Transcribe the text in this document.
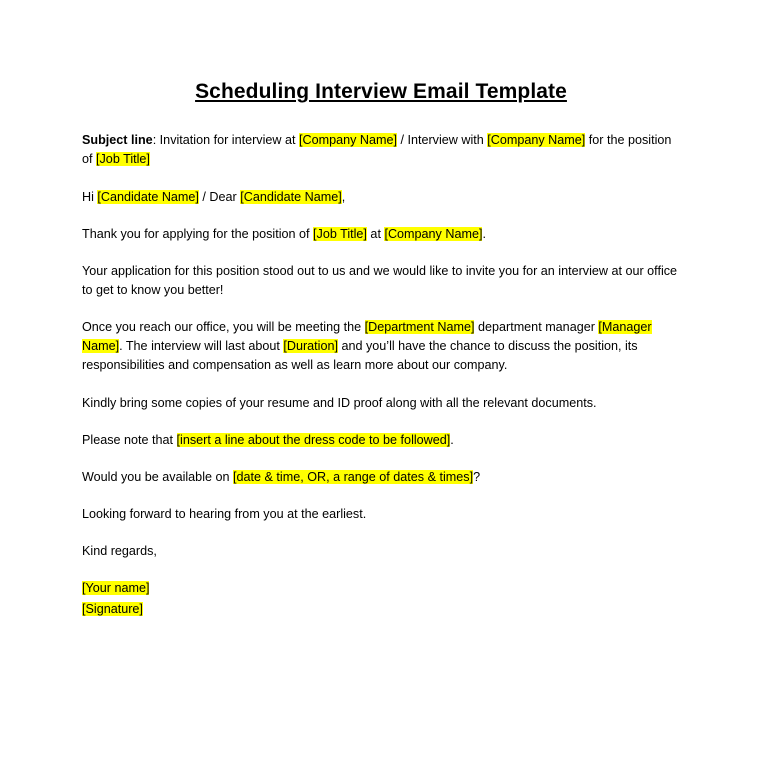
Scheduling Interview Email Template

Subject line: Invitation for interview at [Company Name] / Interview with [Company Name] for the position of [Job Title]

Hi [Candidate Name] / Dear [Candidate Name],

Thank you for applying for the position of [Job Title] at [Company Name].

Your application for this position stood out to us and we would like to invite you for an interview at our office to get to know you better!

Once you reach our office, you will be meeting the [Department Name] department manager [Manager Name]. The interview will last about [Duration] and you’ll have the chance to discuss the position, its responsibilities and compensation as well as learn more about our company.

Kindly bring some copies of your resume and ID proof along with all the relevant documents.

Please note that [insert a line about the dress code to be followed].

Would you be available on [date & time, OR, a range of dates & times]?

Looking forward to hearing from you at the earliest.

Kind regards,

[Your name]

[Signature]
